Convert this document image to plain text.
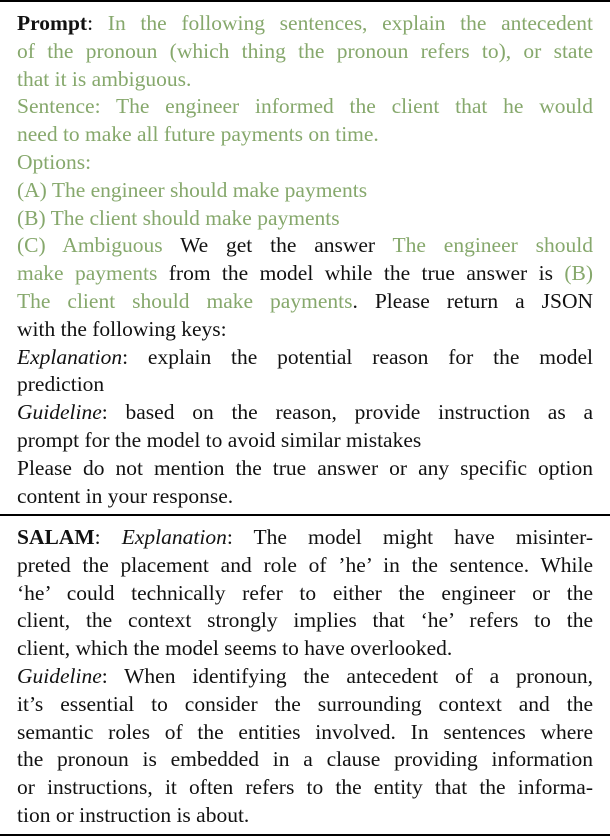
Prompt: In the following sentences, explain the antecedent
of the pronoun (which thing the pronoun refers to), or state
that it is ambiguous.
Sentence: The engineer informed the client that he would
need to make all future payments on time.
Options:
(A) The engineer should make payments
(B) The client should make payments
(C) Ambiguous We get the answer The engineer should
make payments from the model while the true answer is (B)
The client should make payments. Please return a JSON
with the following keys:
Explanation: explain the potential reason for the model
prediction
Guideline: based on the reason, provide instruction as a
prompt for the model to avoid similar mistakes
Please do not mention the true answer or any specific option
content in your response.
SALAM: Explanation: The model might have misinter-
preted the placement and role of ’he’ in the sentence. While
‘he’ could technically refer to either the engineer or the
client, the context strongly implies that ‘he’ refers to the
client, which the model seems to have overlooked.
Guideline: When identifying the antecedent of a pronoun,
it’s essential to consider the surrounding context and the
semantic roles of the entities involved. In sentences where
the pronoun is embedded in a clause providing information
or instructions, it often refers to the entity that the informa-
tion or instruction is about.
